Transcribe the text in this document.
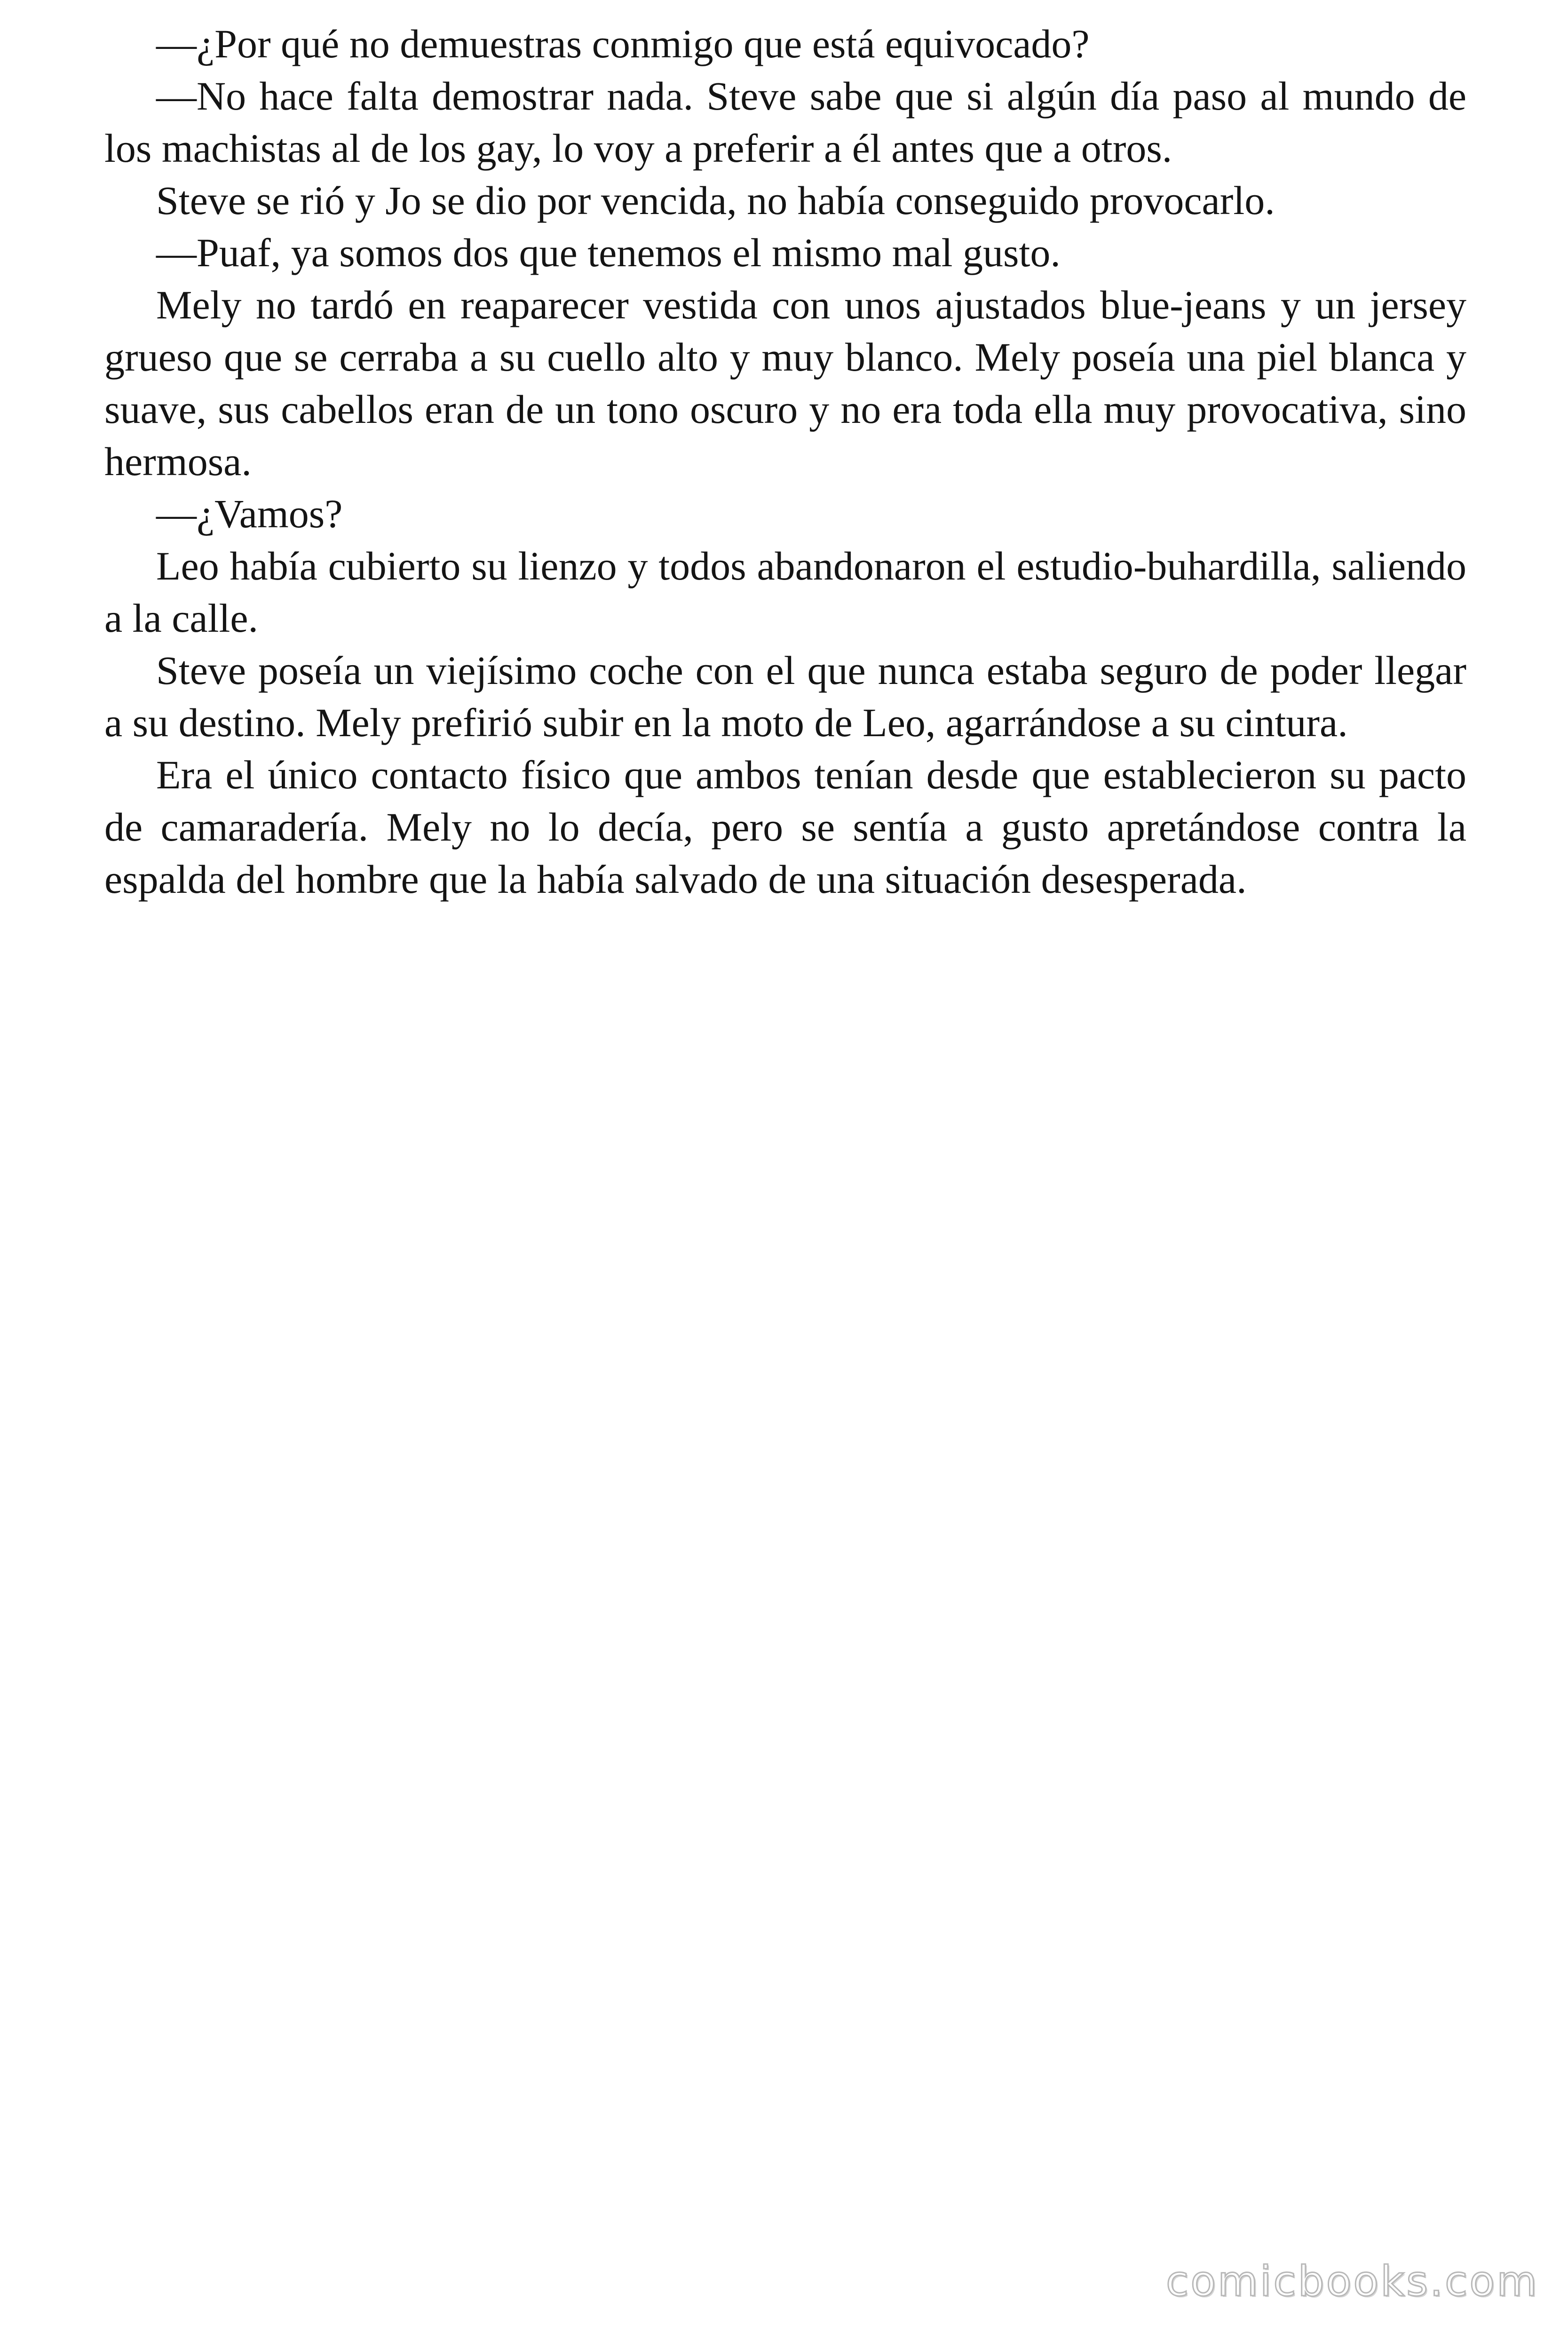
—¿Por qué no demuestras conmigo que está equivocado?

—No hace falta demostrar nada. Steve sabe que si algún día paso al mundo de los machistas al de los gay, lo voy a preferir a él antes que a otros.

Steve se rió y Jo se dio por vencida, no había conseguido provocarlo.

—Puaf, ya somos dos que tenemos el mismo mal gusto.

Mely no tardó en reaparecer vestida con unos ajustados blue-jeans y un jersey grueso que se cerraba a su cuello alto y muy blanco. Mely poseía una piel blanca y suave, sus cabellos eran de un tono oscuro y no era toda ella muy provocativa, sino hermosa.

—¿Vamos?

Leo había cubierto su lienzo y todos abandonaron el estudio-buhardilla, saliendo a la calle.

Steve poseía un viejísimo coche con el que nunca estaba seguro de poder llegar a su destino. Mely prefirió subir en la moto de Leo, agarrándose a su cintura.

Era el único contacto físico que ambos tenían desde que establecieron su pacto de camaradería. Mely no lo decía, pero se sentía a gusto apretándose contra la espalda del hombre que la había salvado de una situación desesperada.

comicbooks.com
